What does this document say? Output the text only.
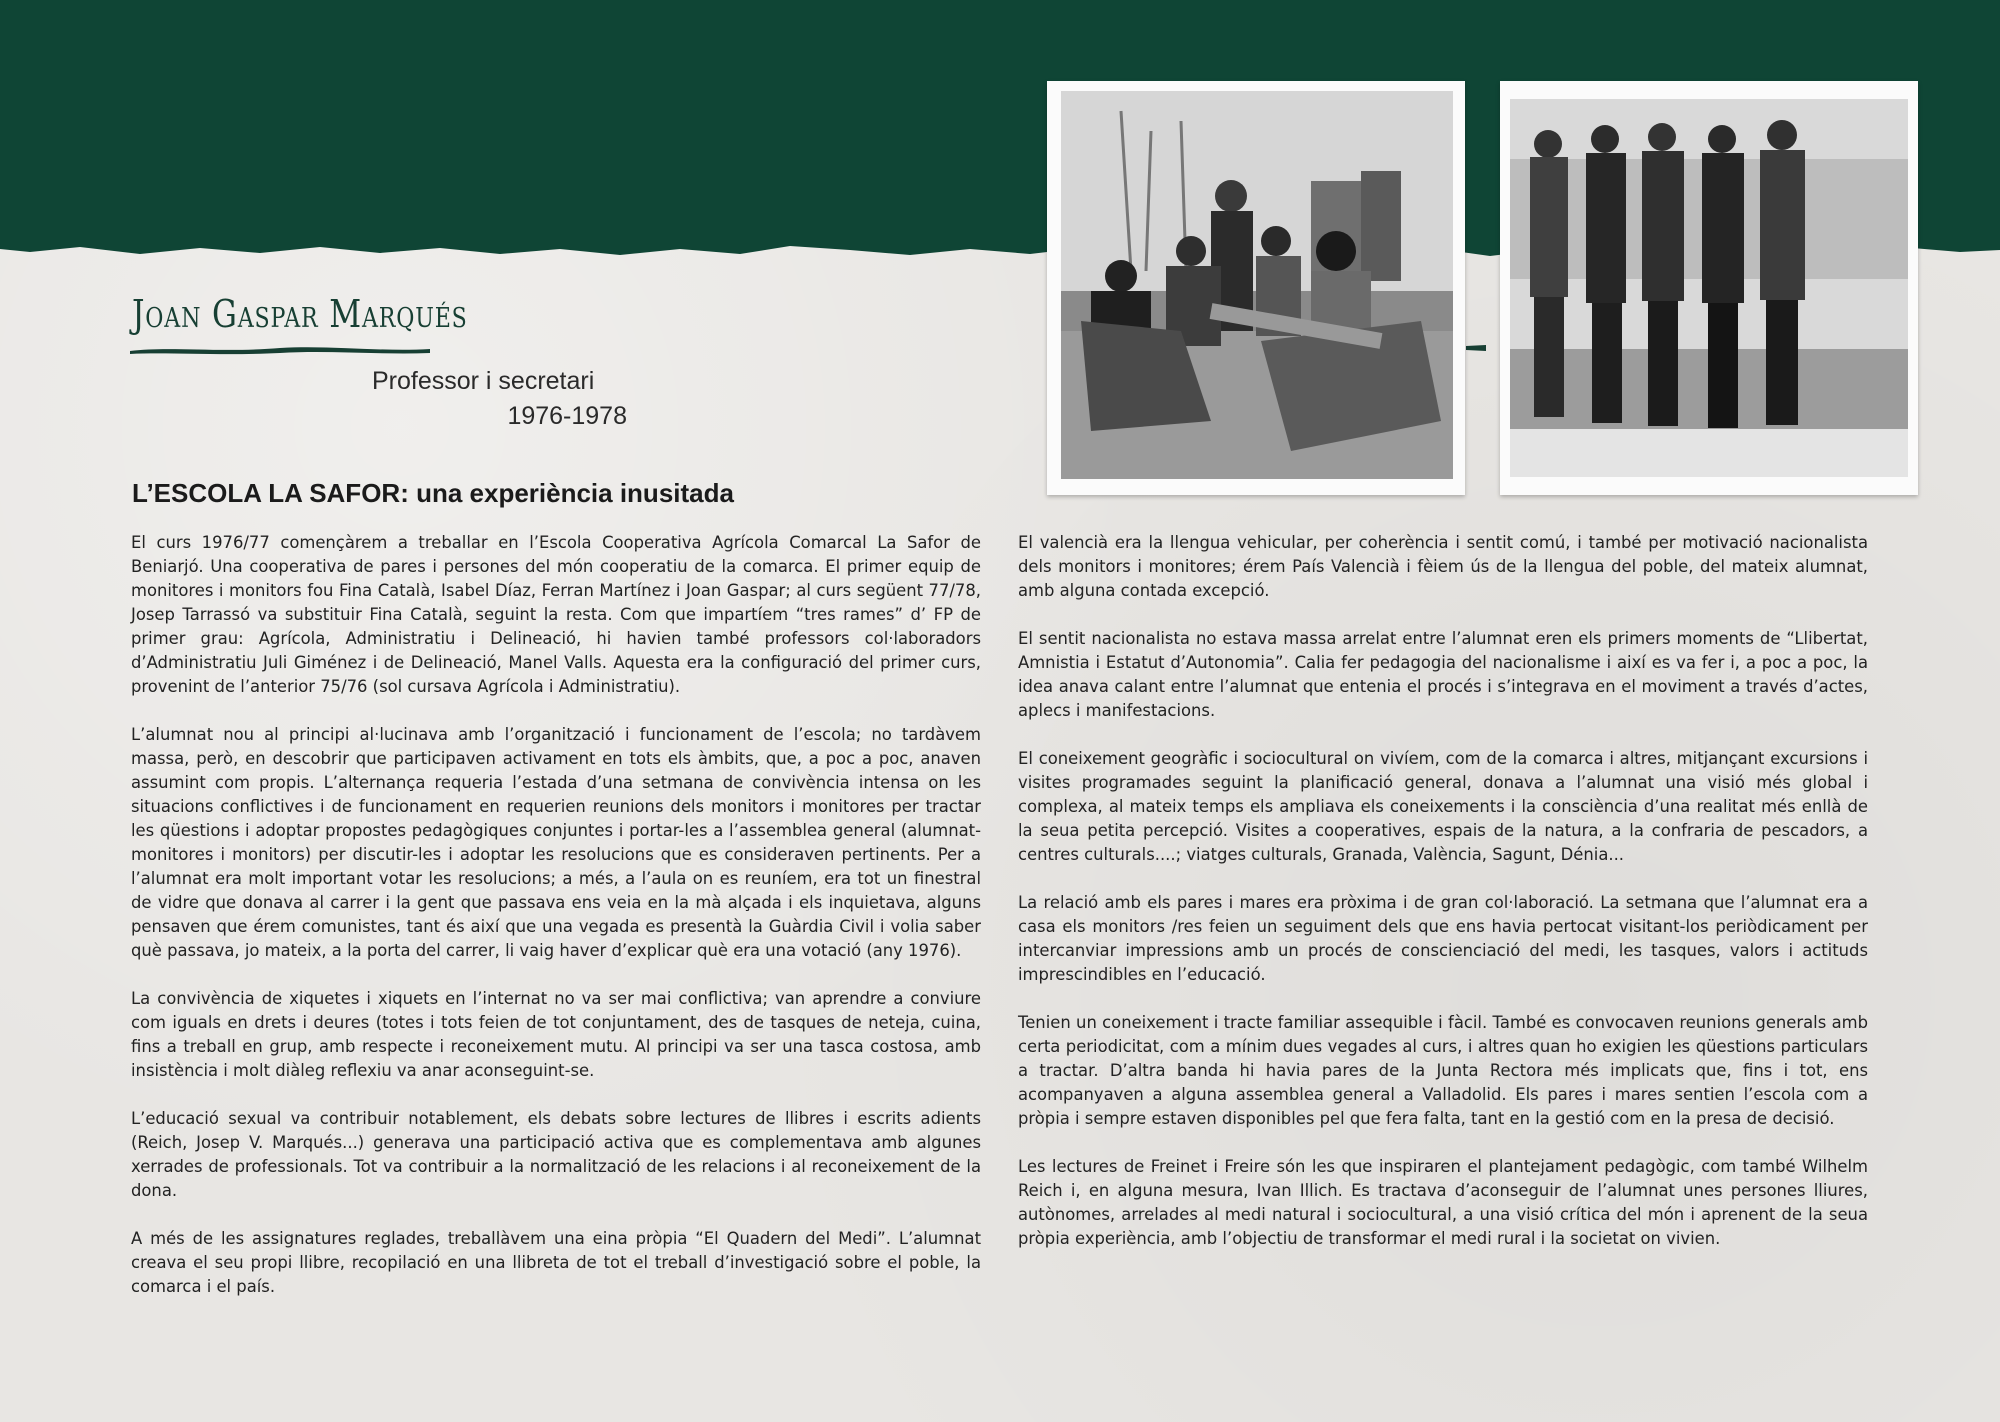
Joan Gaspar Marqués
Professor i secretari
1976-1978
L’ESCOLA LA SAFOR: una experiència inusitada

El curs 1976/77 començàrem a treballar en l’Escola Cooperativa Agrícola Comarcal La Safor de Beniarjó. Una cooperativa de pares i persones del món cooperatiu de la comarca. El primer equip de monitores i monitors fou Fina Català, Isabel Díaz, Ferran Martínez i Joan Gaspar; al curs següent 77/78, Josep Tarrassó va substituir Fina Català, seguint la resta. Com que impartíem “tres rames” d’ FP de primer grau: Agrícola, Administratiu i Delineació, hi havien també professors col·laboradors d’Administratiu Juli Giménez i de Delineació, Manel Valls. Aquesta era la configuració del primer curs, provenint de l’anterior 75/76 (sol cursava Agrícola i Administratiu).

L’alumnat nou al principi al·lucinava amb l’organització i funcionament de l’escola; no tardàvem massa, però, en descobrir que participaven activament en tots els àmbits, que, a poc a poc, anaven assumint com propis. L’alternança requeria l’estada d’una setmana de convivència intensa on les situacions conflictives i de funcionament en requerien reunions dels monitors i monitores per tractar les qüestions i adoptar propostes pedagògiques conjuntes i portar-les a l’assemblea general (alumnat-monitores i monitors) per discutir-les i adoptar les resolucions que es consideraven pertinents. Per a l’alumnat era molt important votar les resolucions; a més, a l’aula on es reuníem, era tot un finestral de vidre que donava al carrer i la gent que passava ens veia en la mà alçada i els inquietava, alguns pensaven que érem comunistes, tant és així que una vegada es presentà la Guàrdia Civil i volia saber què passava, jo mateix, a la porta del carrer, li vaig haver d’explicar què era una votació (any 1976).

La convivència de xiquetes i xiquets en l’internat no va ser mai conflictiva; van aprendre a conviure com iguals en drets i deures (totes i tots feien de tot conjuntament, des de tasques de neteja, cuina, fins a treball en grup, amb respecte i reconeixement mutu. Al principi va ser una tasca costosa, amb insistència i molt diàleg reflexiu va anar aconseguint-se.

L’educació sexual va contribuir notablement, els debats sobre lectures de llibres i escrits adients (Reich, Josep V. Marqués...) generava una participació activa que es complementava amb algunes xerrades de professionals. Tot va contribuir a la normalització de les relacions i al reconeixement de la dona.

A més de les assignatures reglades, treballàvem una eina pròpia “El Quadern del Medi”. L’alumnat creava el seu propi llibre, recopilació en una llibreta de tot el treball d’investigació sobre el poble, la comarca i el país.

El valencià era la llengua vehicular, per coherència i sentit comú, i també per motivació nacionalista dels monitors i monitores; érem País Valencià i fèiem ús de la llengua del poble, del mateix alumnat, amb alguna contada excepció.

El sentit nacionalista no estava massa arrelat entre l’alumnat eren els primers moments de “Llibertat, Amnistia i Estatut d’Autonomia”. Calia fer pedagogia del nacionalisme i així es va fer i, a poc a poc, la idea anava calant entre l’alumnat que entenia el procés i s’integrava en el moviment a través d’actes, aplecs i manifestacions.

El coneixement geogràfic i sociocultural on vivíem, com de la comarca i altres, mitjançant excursions i visites programades seguint la planificació general, donava a l’alumnat una visió més global i complexa, al mateix temps els ampliava els coneixements i la consciència d’una realitat més enllà de la seua petita percepció. Visites a cooperatives, espais de la natura, a la confraria de pescadors, a centres culturals....; viatges culturals, Granada, València, Sagunt, Dénia...

La relació amb els pares i mares era pròxima i de gran col·laboració. La setmana que l’alumnat era a casa els monitors /res feien un seguiment dels que ens havia pertocat visitant-los periòdicament per intercanviar impressions amb un procés de conscienciació del medi, les tasques, valors i actituds imprescindibles en l’educació.

Tenien un coneixement i tracte familiar assequible i fàcil. També es convocaven reunions generals amb certa periodicitat, com a mínim dues vegades al curs, i altres quan ho exigien les qüestions particulars a tractar. D’altra banda hi havia pares de la Junta Rectora més implicats que, fins i tot, ens acompanyaven a alguna assemblea general a Valladolid. Els pares i mares sentien l’escola com a pròpia i sempre estaven disponibles pel que fera falta, tant en la gestió com en la presa de decisió.

Les lectures de Freinet i Freire són les que inspiraren el plantejament pedagògic, com també Wilhelm Reich i, en alguna mesura, Ivan Illich. Es tractava d’aconseguir de l’alumnat unes persones lliures, autònomes, arrelades al medi natural i sociocultural, a una visió crítica del món i aprenent de la seua pròpia experiència, amb l’objectiu de transformar el medi rural i la societat on vivien.
